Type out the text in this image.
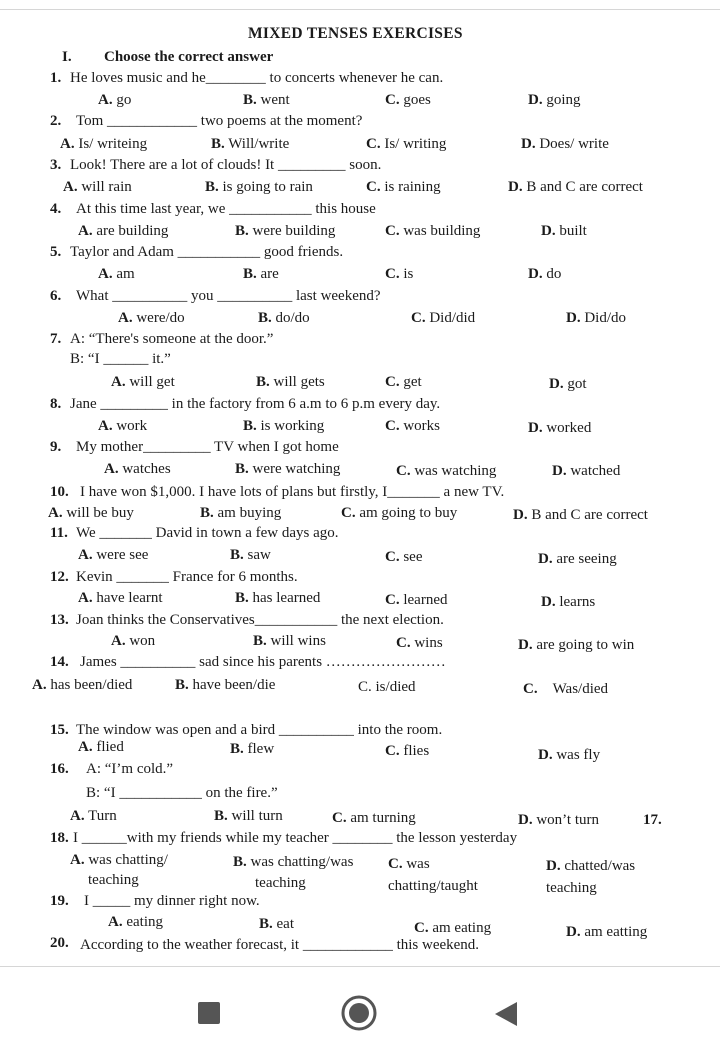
MIXED TENSES EXERCISES
I. Choose the correct answer
1. He loves music and he________ to concerts whenever he can.
A. go	B. went	C. goes	D. going
2. Tom ____________ two poems at the moment?
A. Is/ writeing	B. Will/write	C. Is/ writing	D. Does/ write
3. Look! There are a lot of clouds! It _________ soon.
A. will rain	B. is going to rain	C. is raining	D. B and C are correct
4. At this time last year, we ___________ this house
A. are building	B. were building	C. was building	D. built
5. Taylor and Adam ___________ good friends.
A. am	B. are	C. is	D. do
6. What __________ you __________ last weekend?
A. were/do	B. do/do	C. Did/did	D. Did/do
7. A: “There's someone at the door.”
B: “I ______ it.”
A. will get	B. will gets	C. get	D. got
8. Jane _________ in the factory from 6 a.m to 6 p.m every day.
A. work	B. is working	C. works	D. worked
9. My mother_________ TV when I got home
A. watches	B. were watching	C. was watching	D. watched
10. I have won $1,000. I have lots of plans but firstly, I_______ a new TV.
A. will be buy	B. am buying	C. am going to buy	D. B and C are correct
11. We _______ David in town a few days ago.
A. were see	B. saw	C. see	D. are seeing
12. Kevin _______ France for 6 months.
A. have learnt	B. has learned	C. learned	D. learns
13. Joan thinks the Conservatives___________ the next election.
A. won	B. will wins	C. wins	D. are going to win
14. James __________ sad since his parents ……………………
A. has been/died	B. have been/die	C. is/died	C. Was/died
15. The window was open and a bird __________ into the room.
A. flied	B. flew	C. flies	D. was fly
16. A: “I’m cold.”
B: “I ___________ on the fire.”
A. Turn	B. will turn	C. am turning	D. won’t turn	17.
18. I ______with my friends while my teacher ________ the lesson yesterday
A. was chatting/
teaching
B. was chatting/was
teaching
C. was
chatting/taught
D. chatted/was
teaching
19. I _____ my dinner right now.
A. eating	B. eat	C. am eating	D. am eatting
20. According to the weather forecast, it ____________ this weekend.
